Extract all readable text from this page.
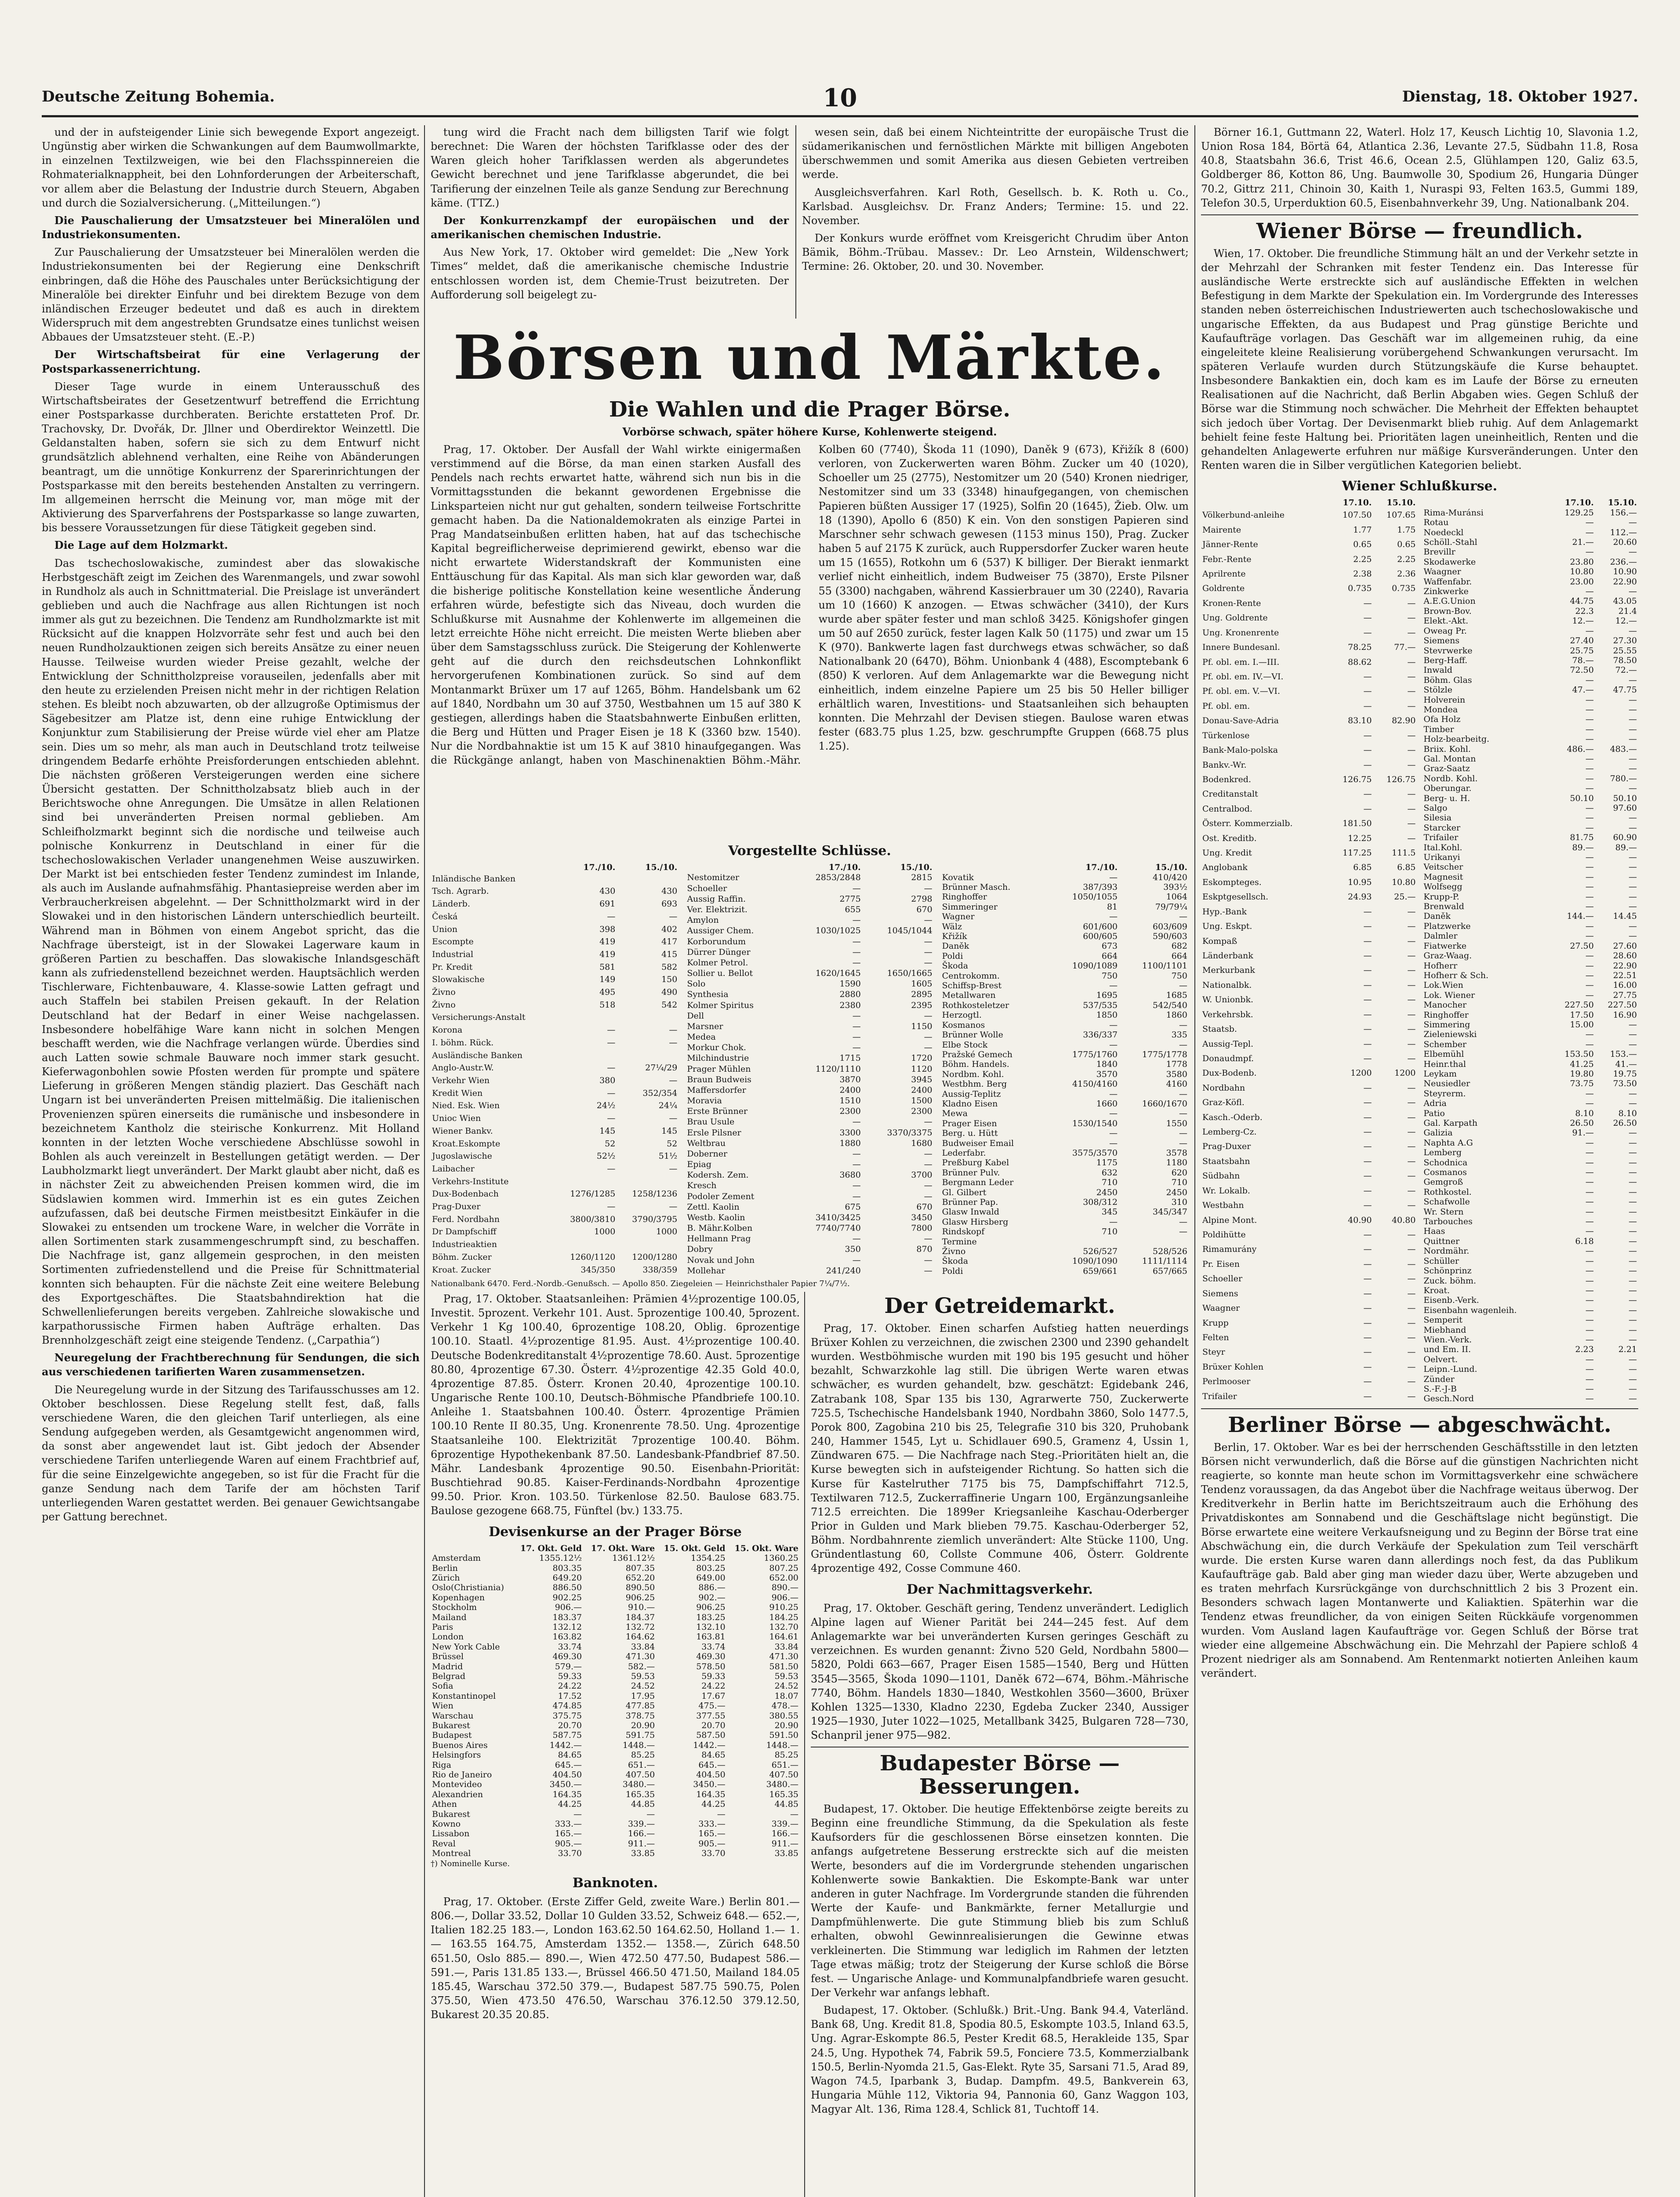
Deutsche Zeitung Bohemia.	10	Dienstag, 18. Oktober 1927.

und der in aufsteigender Linie sich bewegende Export angezeigt. Ungünstig aber wirken die Schwankungen auf dem Baumwollmarkte, in einzelnen Textilzweigen, wie bei den Flachsspinnereien die Rohmaterialknappheit, bei den Lohnforderungen der Arbeiterschaft, vor allem aber die Belastung der Industrie durch Steuern, Abgaben und durch die Sozialversicherung. („Mitteilungen.“)

Die Pauschalierung der Umsatzsteuer bei Mineralölen und Industriekonsumenten.

Zur Pauschalierung der Umsatzsteuer bei Mineralölen werden die Industriekonsumenten bei der Regierung eine Denkschrift einbringen, daß die Höhe des Pauschales unter Berücksichtigung der Mineralöle bei direkter Einfuhr und bei direktem Bezuge von dem inländischen Erzeuger bedeutet und daß es auch in direktem Widerspruch mit dem angestrebten Grundsatze eines tunlichst weisen Abbaues der Umsatzsteuer steht. (E.-P.)

Der Wirtschaftsbeirat für eine Verlagerung der Postsparkassenerrichtung.

Dieser Tage wurde in einem Unterausschuß des Wirtschaftsbeirates der Gesetzentwurf betreffend die Errichtung einer Postsparkasse durchberaten. Berichte erstatteten Prof. Dr. Trachovsky, Dr. Dvořák, Dr. Jllner und Oberdirektor Weinzettl. Die Geldanstalten haben, sofern sie sich zu dem Entwurf nicht grundsätzlich ablehnend verhalten, eine Reihe von Abänderungen beantragt, um die unnötige Konkurrenz der Sparerinrichtungen der Postsparkasse mit den bereits bestehenden Anstalten zu verringern. Im allgemeinen herrscht die Meinung vor, man möge mit der Aktivierung des Sparverfahrens der Postsparkasse so lange zuwarten, bis bessere Voraussetzungen für diese Tätigkeit gegeben sind.

Die Lage auf dem Holzmarkt.

Das tschechoslowakische, zumindest aber das slowakische Herbstgeschäft zeigt im Zeichen des Warenmangels, und zwar sowohl in Rundholz als auch in Schnittmaterial. Die Preislage ist unverändert geblieben und auch die Nachfrage aus allen Richtungen ist noch immer als gut zu bezeichnen. Die Tendenz am Rundholzmarkte ist mit Rücksicht auf die knappen Holzvorräte sehr fest und auch bei den neuen Rundholzauktionen zeigen sich bereits Ansätze zu einer neuen Hausse. Teilweise wurden wieder Preise gezahlt, welche der Entwicklung der Schnittholzpreise vorauseilen, jedenfalls aber mit den heute zu erzielenden Preisen nicht mehr in der richtigen Relation stehen. Es bleibt noch abzuwarten, ob der allzugroße Optimismus der Sägebesitzer am Platze ist, denn eine ruhige Entwicklung der Konjunktur zum Stabilisierung der Preise würde viel eher am Platze sein. Dies um so mehr, als man auch in Deutschland trotz teilweise dringendem Bedarfe erhöhte Preisforderungen entschieden ablehnt. Die nächsten größeren Versteigerungen werden eine sichere Übersicht gestatten. Der Schnittholzabsatz blieb auch in der Berichtswoche ohne Anregungen. Die Umsätze in allen Relationen sind bei unveränderten Preisen normal geblieben. Am Schleifholzmarkt beginnt sich die nordische und teilweise auch polnische Konkurrenz in Deutschland in einer für die tschechoslowakischen Verlader unangenehmen Weise auszuwirken. Der Markt ist bei entschieden fester Tendenz zumindest im Inlande, als auch im Auslande aufnahmsfähig. Phantasiepreise werden aber im Verbraucherkreisen abgelehnt. — Der Schnittholzmarkt wird in der Slowakei und in den historischen Ländern unterschiedlich beurteilt. Während man in Böhmen von einem Angebot spricht, das die Nachfrage übersteigt, ist in der Slowakei Lagerware kaum in größeren Partien zu beschaffen. Das slowakische Inlandsgeschäft kann als zufriedenstellend bezeichnet werden. Hauptsächlich werden Tischlerware, Fichtenbauware, 4. Klasse-sowie Latten gefragt und auch Staffeln bei stabilen Preisen gekauft. In der Relation Deutschland hat der Bedarf in einer Weise nachgelassen. Insbesondere hobelfähige Ware kann nicht in solchen Mengen beschafft werden, wie die Nachfrage verlangen würde. Überdies sind auch Latten sowie schmale Bauware noch immer stark gesucht. Kieferwagonbohlen sowie Pfosten werden für prompte und spätere Lieferung in größeren Mengen ständig plaziert. Das Geschäft nach Ungarn ist bei unveränderten Preisen mittelmäßig. Die italienischen Provenienzen spüren einerseits die rumänische und insbesondere in bezeichnetem Kantholz die steirische Konkurrenz. Mit Holland konnten in der letzten Woche verschiedene Abschlüsse sowohl in Bohlen als auch vereinzelt in Bestellungen getätigt werden. — Der Laubholzmarkt liegt unverändert. Der Markt glaubt aber nicht, daß es in nächster Zeit zu abweichenden Preisen kommen wird, die im Südslawien kommen wird. Immerhin ist es ein gutes Zeichen aufzufassen, daß bei deutsche Firmen meistbesitzt Einkäufer in die Slowakei zu entsenden um trockene Ware, in welcher die Vorräte in allen Sortimenten stark zusammengeschrumpft sind, zu beschaffen. Die Nachfrage ist, ganz allgemein gesprochen, in den meisten Sortimenten zufriedenstellend und die Preise für Schnittmaterial konnten sich behaupten. Für die nächste Zeit eine weitere Belebung des Exportgeschäftes. Die Staatsbahndirektion hat die Schwellenlieferungen bereits vergeben. Zahlreiche slowakische und karpathorussische Firmen haben Aufträge erhalten. Das Brennholzgeschäft zeigt eine steigende Tendenz. („Carpathia“)

Neuregelung der Frachtberechnung für Sendungen, die sich aus verschiedenen tarifierten Waren zusammensetzen.

Die Neuregelung wurde in der Sitzung des Tarifausschusses am 12. Oktober beschlossen. Diese Regelung stellt fest, daß, falls verschiedene Waren, die den gleichen Tarif unterliegen, als eine Sendung aufgegeben werden, als Gesamtgewicht angenommen wird, da sonst aber angewendet laut ist. Gibt jedoch der Absender verschiedene Tarifen unterliegende Waren auf einem Frachtbrief auf, für die seine Einzelgewichte angegeben, so ist für die Fracht für die ganze Sendung nach dem Tarife der am höchsten Tarif unterliegenden Waren gestattet werden. Bei genauer Gewichtsangabe per Gattung berechnet.

tung wird die Fracht nach dem billigsten Tarif wie folgt berechnet: Die Waren der höchsten Tarifklasse oder des der Waren gleich hoher Tarifklassen werden als abgerundetes Gewicht berechnet und jene Tarifklasse abgerundet, die bei Tarifierung der einzelnen Teile als ganze Sendung zur Berechnung käme. (TTZ.)

Der Konkurrenzkampf der europäischen und der amerikanischen chemischen Industrie.

Aus New York, 17. Oktober wird gemeldet: Die „New York Times“ meldet, daß die amerikanische chemische Industrie entschlossen worden ist, dem Chemie-Trust beizutreten. Der Aufforderung soll beigelegt zu-

wesen sein, daß bei einem Nichteintritte der europäische Trust die südamerikanischen und fernöstlichen Märkte mit billigen Angeboten überschwemmen und somit Amerika aus diesen Gebieten vertreiben werde.

Ausgleichsverfahren. Karl Roth, Gesellsch. b. K. Roth u. Co., Karlsbad. Ausgleichsv. Dr. Franz Anders; Termine: 15. und 22. November.

Der Konkurs wurde eröffnet vom Kreisgericht Chrudim über Anton Bämik, Böhm.-Trübau. Massev.: Dr. Leo Arnstein, Wildenschwert; Termine: 26. Oktober, 20. und 30. November.

Börsen und Märkte.
Die Wahlen und die Prager Börse.
Vorbörse schwach, später höhere Kurse, Kohlenwerte steigend.

Prag, 17. Oktober. Der Ausfall der Wahl wirkte einigermaßen verstimmend auf die Börse, da man einen starken Ausfall des Pendels nach rechts erwartet hatte, während sich nun bis in die Vormittagsstunden die bekannt gewordenen Ergebnisse die Linksparteien nicht nur gut gehalten, sondern teilweise Fortschritte gemacht haben. Da die Nationaldemokraten als einzige Partei in Prag Mandatseinbußen erlitten haben, hat auf das tschechische Kapital begreiflicherweise deprimierend gewirkt, ebenso war die nicht erwartete Widerstandskraft der Kommunisten eine Enttäuschung für das Kapital. Als man sich klar geworden war, daß die bisherige politische Konstellation keine wesentliche Änderung erfahren würde, befestigte sich das Niveau, doch wurden die Schlußkurse mit Ausnahme der Kohlenwerte im allgemeinen die letzt erreichte Höhe nicht erreicht. Die meisten Werte blieben aber über dem Samstagsschluss zurück. Die Steigerung der Kohlenwerte geht auf die durch den reichsdeutschen Lohnkonflikt hervorgerufenen Kombinationen zurück. So sind auf dem Montanmarkt Brüxer um 17 auf 1265, Böhm. Handelsbank um 62 auf 1840, Nordbahn um 30 auf 3750, Westbahnen um 15 auf 380 K gestiegen, allerdings haben die Staatsbahnwerte Einbußen erlitten, die Berg und Hütten und Prager Eisen je 18 K (3360 bzw. 1540). Nur die Nordbahnaktie ist um 15 K auf 3810 hinaufgegangen. Was die Rückgänge anlangt, haben von Maschinenaktien Böhm.-Mähr. Kolben 60 (7740), Škoda 11 (1090), Daněk 9 (673), Křižík 8 (600) verloren, von Zuckerwerten waren Böhm. Zucker um 40 (1020), Schoeller um 25 (2775), Nestomitzer um 20 (540) Kronen niedriger, Nestomitzer sind um 33 (3348) hinaufgegangen, von chemischen Papieren büßten Aussiger 17 (1925), Solfin 20 (1645), Žieb. Olw. um 18 (1390), Apollo 6 (850) K ein. Von den sonstigen Papieren sind Marschner sehr schwach gewesen (1153 minus 150), Prag. Zucker haben 5 auf 2175 K zurück, auch Ruppersdorfer Zucker waren heute um 15 (1655), Rotkohn um 6 (537) K billiger. Der Bierakt ienmarkt verlief nicht einheitlich, indem Budweiser 75 (3870), Erste Pilsner 55 (3300) nachgaben, während Kassierbrauer um 30 (2240), Ravaria um 10 (1660) K anzogen. — Etwas schwächer (3410), der Kurs wurde aber später fester und man schloß 3425. Königshofer gingen um 50 auf 2650 zurück, fester lagen Kalk 50 (1175) und zwar um 15 K (970). Bankwerte lagen fast durchwegs etwas schwächer, so daß Nationalbank 20 (6470), Böhm. Unionbank 4 (488), Escomptebank 6 (850) K verloren. Auf dem Anlagemarkte war die Bewegung nicht einheitlich, indem einzelne Papiere um 25 bis 50 Heller billiger erhältlich waren, Investitions- und Staatsanleihen sich behaupten konnten. Die Mehrzahl der Devisen stiegen. Baulose waren etwas fester (683.75 plus 1.25, bzw. geschrumpfte Gruppen (668.75 plus 1.25).

Vorgestellte Schlüsse.
	17./10.	15./10.
Inländische Banken		
Tsch. Agrarb.	430	430
Länderb.	691	693
Česká	—	—
Union	398	402
Escompte	419	417
Industrial	419	415
Pr. Kredit	581	582
Slowakische	149	150
Živno	495	490
Živno	518	542
Versicherungs-Anstalt		
Korona	—	—
I. böhm. Rück.	—	—
Ausländische Banken		
Anglo-Austr.W.	—	27¼/29
Verkehr Wien	380	—
Kredit Wien	—	352/354
Nied. Esk. Wien	24½	24¼
Unioc Wien	—	—
Wiener Bankv.	145	145
Kroat.Eskompte	52	52
Jugoslawische	52½	51½
Laibacher	—	—
Verkehrs-Institute		
Dux-Bodenbach	1276/1285	1258/1236
Prag-Duxer	—	—
Ferd. Nordbahn	3800/3810	3790/3795
Dr Dampfschiff	1000	1000
Industrieaktien		
Böhm. Zucker	1260/1120	1200/1280
Kroat. Zucker	345/350	338/359
	17./10.	15./10.
Nestomitzer	2853/2848	2815
Schoeller	—	—
Aussig Raffin.	2775	2798
Ver. Elektrizit.	655	670
Amylon	—	—
Aussiger Chem.	1030/1025	1045/1044
Korborundum	—	—
Dürrer Dünger	—	—
Kolmer Petrol.	—	—
Sollier u. Bellot	1620/1645	1650/1665
Solo	1590	1605
Synthesia	2880	2895
Kolmer Spiritus	2380	2395
Dell	—	—
Marsner	—	1150
Medea	—	—
Morkur Chok.	—	—
Milchindustrie	1715	1720
Prager Mühlen	1120/1110	1120
Braun Budweis	3870	3945
Maffersdorfer	2400	2400
Moravia	1510	1500
Erste Brünner	2300	2300
Brau Usule	—	—
Ersle Pilsner	3300	3370/3375
Weltbrau	1880	1680
Doberner	—	—
Epiag	—	—
Kodersh. Zem.	3680	3700
Kresch	—	—
Podoler Zement	—	—
Zettl. Kaolin	675	670
Westb. Kaolin	3410/3425	3450
B. Mähr.Kolben	7740/7740	7800
Hellmann Prag	—	—
Dobry	350	870
Novak und John	—	—
Mollehar	241/240	—
	17./10.	15./10.
Kovatik	—	410/420
Brünner Masch.	387/393	393½
Ringhoffer	1050/1055	1064
Simmeringer	81	79/79¼
Wagner	—	—
Wälz	601/600	603/609
Křižík	600/605	590/603
Daněk	673	682
Poldi	664	664
Škoda	1090/1089	1100/1101
Centrokomm.	750	750
Schiffsp-Brest	—	—
Metallwaren	1695	1685
Rothkosteletzer	537/535	542/540
Herzogtl.	1850	1860
Kosmanos	—	—
Brünner Wolle	336/337	335
Elbe Stock	—	—
Pražské Gemech	1775/1760	1775/1778
Böhm. Handels.	1840	1778
Nordbm. Kohl.	3570	3580
Westbhm. Berg	4150/4160	4160
Aussig-Teplitz	—	—
Kladno Eisen	1660	1660/1670
Mewa	—	—
Prager Eisen	1530/1540	1550
Berg. u. Hütt	—	—
Budweiser Email	—	—
Lederfabr.	3575/3570	3578
Preßburg Kabel	1175	1180
Brünner Pulv.	632	620
Bergmann Leder	710	710
Gl. Gilbert	2450	2450
Brünner Pap.	308/312	310
Glasw Inwald	345	345/347
Glasw Hirsberg	—	—
Rindskopf	710	—
Termine		
Živno	526/527	528/526
Škoda	1090/1090	1111/1114
Poldi	659/661	657/665
Nationalbank 6470. Ferd.-Nordb.-Genußsch. — Apollo 850. Ziegeleien — Heinrichsthaler Papier 7¼/7½.

Prag, 17. Oktober. Staatsanleihen: Prämien 4½prozentige 100.05, Investit. 5prozent. Verkehr 101. Aust. 5prozentige 100.40, 5prozent. Verkehr 1 Kg 100.40, 6prozentige 108.20, Oblig. 6prozentige 100.10. Staatl. 4½prozentige 81.95. Aust. 4½prozentige 100.40. Deutsche Bodenkreditanstalt 4½prozentige 78.60. Aust. 5prozentige 80.80, 4prozentige 67.30. Österr. 4½prozentige 42.35 Gold 40.0, 4prozentige 87.85. Österr. Kronen 20.40, 4prozentige 100.10. Ungarische Rente 100.10, Deutsch-Böhmische Pfandbriefe 100.10. Anleihe 1. Staatsbahnen 100.40. Österr. 4prozentige Prämien 100.10 Rente II 80.35, Ung. Kronenrente 78.50. Ung. 4prozentige Staatsanleihe 100. Elektrizität 7prozentige 100.40. Böhm. 6prozentige Hypothekenbank 87.50. Landesbank-Pfandbrief 87.50. Mähr. Landesbank 4prozentige 90.50. Eisenbahn-Priorität: Buschtiehrad 90.85. Kaiser-Ferdinands-Nordbahn 4prozentige 99.50. Prior. Kron. 103.50. Türkenlose 82.50. Baulose 683.75. Baulose gezogene 668.75, Fünftel (bv.) 133.75.

Devisenkurse an der Prager Börse
	17. Okt. Geld	17. Okt. Ware	15. Okt. Geld	15. Okt. Ware
Amsterdam	1355.12½	1361.12½	1354.25	1360.25
Berlin	803.35	807.35	803.25	807.25
Zürich	649.20	652.20	649.00	652.00
Oslo(Christiania)	886.50	890.50	886.—	890.—
Kopenhagen	902.25	906.25	902.—	906.—
Stockholm	906.—	910.—	906.25	910.25
Mailand	183.37	184.37	183.25	184.25
Paris	132.12	132.72	132.10	132.70
London	163.82	164.62	163.81	164.61
New York Cable	33.74	33.84	33.74	33.84
Brüssel	469.30	471.30	469.30	471.30
Madrid	579.—	582.—	578.50	581.50
Belgrad	59.33	59.53	59.33	59.53
Sofia	24.22	24.52	24.22	24.52
Konstantinopel	17.52	17.95	17.67	18.07
Wien	474.85	477.85	475.—	478.—
Warschau	375.75	378.75	377.55	380.55
Bukarest	20.70	20.90	20.70	20.90
Budapest	587.75	591.75	587.50	591.50
Buenos Aires	1442.—	1448.—	1442.—	1448.—
Helsingfors	84.65	85.25	84.65	85.25
Riga	645.—	651.—	645.—	651.—
Rio de Janeiro	404.50	407.50	404.50	407.50
Montevideo	3450.—	3480.—	3450.—	3480.—
Alexandrien	164.35	165.35	164.35	165.35
Athen	44.25	44.85	44.25	44.85
Bukarest	—	—	—	—
Kowno	333.—	339.—	333.—	339.—
Lissabon	165.—	166.—	165.—	166.—
Reval	905.—	911.—	905.—	911.—
Montreal	33.70	33.85	33.70	33.85
†) Nominelle Kurse.
Banknoten.

Prag, 17. Oktober. (Erste Ziffer Geld, zweite Ware.) Berlin 801.— 806.—, Dollar 33.52, Dollar 10 Gulden 33.52, Schweiz 648.— 652.—, Italien 182.25 183.—, London 163.62.50 164.62.50, Holland 1.— 1.— 163.55 164.75, Amsterdam 1352.— 1358.—, Zürich 648.50 651.50, Oslo 885.— 890.—, Wien 472.50 477.50, Budapest 586.— 591.—, Paris 131.85 133.—, Brüssel 466.50 471.50, Mailand 184.05 185.45, Warschau 372.50 379.—, Budapest 587.75 590.75, Polen 375.50, Wien 473.50 476.50, Warschau 376.12.50 379.12.50, Bukarest 20.35 20.85.

Der Getreidemarkt.

Prag, 17. Oktober. Einen scharfen Aufstieg hatten neuerdings Brüxer Kohlen zu verzeichnen, die zwischen 2300 und 2390 gehandelt wurden. Westböhmische wurden mit 190 bis 195 gesucht und höher bezahlt, Schwarzkohle lag still. Die übrigen Werte waren etwas schwächer, es wurden gehandelt, bzw. geschätzt: Egidebank 246, Zatrabank 108, Spar 135 bis 130, Agrarwerte 750, Zuckerwerte 725.5, Tschechische Handelsbank 1940, Nordbahn 3860, Solo 1477.5, Porok 800, Zagobina 210 bis 25, Telegrafie 310 bis 320, Pruhobank 240, Hammer 1545, Lyt u. Schidlauer 690.5, Gramenz 4, Ussin 1, Zündwaren 675. — Die Nachfrage nach Steg.-Prioritäten hielt an, die Kurse bewegten sich in aufsteigender Richtung. So hatten sich die Kurse für Kastelruther 7175 bis 75, Dampfschiffahrt 712.5, Textilwaren 712.5, Zuckerraffinerie Ungarn 100, Ergänzungsanleihe 712.5 erreichten. Die 1899er Kriegsanleihe Kaschau-Oderberger Prior in Gulden und Mark blieben 79.75. Kaschau-Oderberger 52, Böhm. Nordbahnrente ziemlich unverändert: Alte Stücke 1100, Ung. Gründentlastung 60, Collste Commune 406, Österr. Goldrente 4prozentige 492, Cosse Commune 460.

Der Nachmittagsverkehr.

Prag, 17. Oktober. Geschäft gering, Tendenz unverändert. Lediglich Alpine lagen auf Wiener Parität bei 244—245 fest. Auf dem Anlagemarkte war bei unveränderten Kursen geringes Geschäft zu verzeichnen. Es wurden genannt: Živno 520 Geld, Nordbahn 5800—5820, Poldi 663—667, Prager Eisen 1585—1540, Berg und Hütten 3545—3565, Škoda 1090—1101, Daněk 672—674, Böhm.-Mährische 7740, Böhm. Handels 1830—1840, Westkohlen 3560—3600, Brüxer Kohlen 1325—1330, Kladno 2230, Egdeba Zucker 2340, Aussiger 1925—1930, Juter 1022—1025, Metallbank 3425, Bulgaren 728—730, Schanpril jener 975—982.

Budapester Börse — Besserungen.

Budapest, 17. Oktober. Die heutige Effektenbörse zeigte bereits zu Beginn eine freundliche Stimmung, da die Spekulation als feste Kaufsorders für die geschlossenen Börse einsetzen konnten. Die anfangs aufgetretene Besserung erstreckte sich auf die meisten Werte, besonders auf die im Vordergrunde stehenden ungarischen Kohlenwerte sowie Bankaktien. Die Eskompte-Bank war unter anderen in guter Nachfrage. Im Vordergrunde standen die führenden Werte der Kaufe- und Bankmärkte, ferner Metallurgie und Dampfmühlenwerte. Die gute Stimmung blieb bis zum Schluß erhalten, obwohl Gewinnrealisierungen die Gewinne etwas verkleinerten. Die Stimmung war lediglich im Rahmen der letzten Tage etwas mäßig; trotz der Steigerung der Kurse schloß die Börse fest. — Ungarische Anlage- und Kommunalpfandbriefe waren gesucht. Der Verkehr war anfangs lebhaft.

Budapest, 17. Oktober. (Schlußk.) Brit.-Ung. Bank 94.4, Vaterländ. Bank 68, Ung. Kredit 81.8, Spodia 80.5, Eskompte 103.5, Inland 63.5, Ung. Agrar-Eskompte 86.5, Pester Kredit 68.5, Herakleide 135, Spar 24.5, Ung. Hypothek 74, Fabrik 59.5, Fonciere 73.5, Kommerzialbank 150.5, Berlin-Nyomda 21.5, Gas-Elekt. Ryte 35, Sarsani 71.5, Arad 89, Wagon 74.5, Iparbank 3, Budap. Dampfm. 49.5, Bankverein 63, Hungaria Mühle 112, Viktoria 94, Pannonia 60, Ganz Waggon 103, Magyar Alt. 136, Rima 128.4, Schlick 81, Tuchtoff 14.

Börner 16.1, Guttmann 22, Waterl. Holz 17, Keusch Lichtig 10, Slavonia 1.2, Union Rosa 184, Börtä 64, Atlantica 2.36, Levante 27.5, Südbahn 11.8, Rosa 40.8, Staatsbahn 36.6, Trist 46.6, Ocean 2.5, Glühlampen 120, Galiz 63.5, Goldberger 86, Kotton 86, Ung. Baumwolle 30, Spodium 26, Hungaria Dünger 70.2, Gittrz 211, Chinoin 30, Kaith 1, Nuraspi 93, Felten 163.5, Gummi 189, Telefon 30.5, Urperduktion 60.5, Eisenbahnverkehr 39, Ung. Nationalbank 204.

Wiener Börse — freundlich.

Wien, 17. Oktober. Die freundliche Stimmung hält an und der Verkehr setzte in der Mehrzahl der Schranken mit fester Tendenz ein. Das Interesse für ausländische Werte erstreckte sich auf ausländische Effekten in welchen Befestigung in dem Markte der Spekulation ein. Im Vordergrunde des Interesses standen neben österreichischen Industriewerten auch tschechoslowakische und ungarische Effekten, da aus Budapest und Prag günstige Berichte und Kaufaufträge vorlagen. Das Geschäft war im allgemeinen ruhig, da eine eingeleitete kleine Realisierung vorübergehend Schwankungen verursacht. Im späteren Verlaufe wurden durch Stützungskäufe die Kurse behauptet. Insbesondere Bankaktien ein, doch kam es im Laufe der Börse zu erneuten Realisationen auf die Nachricht, daß Berlin Abgaben wies. Gegen Schluß der Börse war die Stimmung noch schwächer. Die Mehrheit der Effekten behauptet sich jedoch über Vortag. Der Devisenmarkt blieb ruhig. Auf dem Anlagemarkt behielt feine feste Haltung bei. Prioritäten lagen uneinheitlich, Renten und die gehandelten Anlagewerte erfuhren nur mäßige Kursveränderungen. Unter den Renten waren die in Silber vergütlichen Kategorien beliebt.

Wiener Schlußkurse.
	17.10.	15.10.
Völkerbund-anleihe	107.50	107.65
Mairente	1.77	1.75
Jänner-Rente	0.65	0.65
Febr.-Rente	2.25	2.25
Aprilrente	2.38	2.36
Goldrente	0.735	0.735
Kronen-Rente	—	—
Ung. Goldrente	—	—
Ung. Kronenrente	—	—
Innere Bundesanl.	78.25	77.—
Pf. obl. em. I.—III.	88.62	—
Pf. obl. em. IV.—VI.	—	—
Pf. obl. em. V.—VI.	—	—
Pf. obl. em.	—	—
Donau-Save-Adria	83.10	82.90
Türkenlose	—	—
Bank-Malo-polska	—	—
Bankv.-Wr.	—	—
Bodenkred.	126.75	126.75
Creditanstalt	—	—
Centralbod.	—	—
Österr. Kommerzialb.	181.50	—
Ost. Kreditb.	12.25	—
Ung. Kredit	117.25	111.5
Anglobank	6.85	6.85
Eskompteges.	10.95	10.80
Eskptgesellsch.	24.93	25.—
Hyp.-Bank	—	—
Ung. Eskpt.	—	—
Kompaß	—	—
Länderbank	—	—
Merkurbank	—	—
Nationalbk.	—	—
W. Unionbk.	—	—
Verkehrsbk.	—	—
Staatsb.	—	—
Aussig-Tepl.	—	—
Donaudmpf.	—	—
Dux-Bodenb.	1200	1200
Nordbahn	—	—
Graz-Köfl.	—	—
Kasch.-Oderb.	—	—
Lemberg-Cz.	—	—
Prag-Duxer	—	—
Staatsbahn	—	—
Südbahn	—	—
Wr. Lokalb.	—	—
Westbahn	—	—
Alpine Mont.	40.90	40.80
Poldihütte	—	—
Rimamurány	—	—
Pr. Eisen	—	—
Schoeller	—	—
Siemens	—	—
Waagner	—	—
Krupp	—	—
Felten	—	—
Steyr	—	—
Brüxer Kohlen	—	—
Perlmooser	—	—
Trifailer	—	—
	17.10.	15.10.
Rima-Muránsi	129.25	156.—
Rotau	—	—
Noedeckl	—	112.—
Schöll.-Stahl	21.—	20.60
Brevillr	—	—
Skodawerke	23.80	236.—
Waagner	10.80	10.90
Waffenfabr.	23.00	22.90
Zinkwerke	—	—
A.E.G.Union	44.75	43.05
Brown-Bov.	22.3	21.4
Elekt.-Akt.	12.—	12.—
Oweag Pr.	—	—
Siemens	27.40	27.30
Stevrwerke	25.75	25.55
Berg-Haff.	78.—	78.50
Inwald	72.50	72.—
Böhm. Glas	—	—
Stölzle	47.—	47.75
Holverein	—	—
Mondea	—	—
Ofa Holz	—	—
Timber	—	—
Holz-bearbeitg.	—	—
Briix. Kohl.	486.—	483.—
Gal. Montan	—	—
Graz-Saatz	—	—
Nordb. Kohl.	—	780.—
Oberungar.	—	—
Berg- u. H.	50.10	50.10
Salgo	—	97.60
Silesia	—	—
Starcker	—	—
Trifailer	81.75	60.90
Ital.Kohl.	89.—	89.—
Urikanyi	—	—
Veitscher	—	—
Magnesit	—	—
Wolfsegg	—	—
Krupp-P.	—	—
Brenwald	—	—
Daněk	144.—	14.45
Platzwerke	—	—
Dalmler	—	—
Fiatwerke	27.50	27.60
Graz-Waag.	—	28.60
Hofherr	—	22.90
Hofherr & Sch.	—	22.51
Lok.Wien	—	16.00
Lok. Wiener	—	27.75
Manocher	227.50	227.50
Ringhoffer	17.50	16.90
Simmering	15.00	—
Zieleniewski	—	—
Schember	—	—
Elbemühl	153.50	153.—
Heinr.thal	41.25	41.—
Leykam	19.80	19.75
Neusiedler	73.75	73.50
Steyrerm.	—	—
Adria	—	—
Patio	8.10	8.10
Gal. Karpath	26.50	26.50
Galizia	91.—	—
Naphta A.G	—	—
Lemberg	—	—
Schodnica	—	—
Cosmanos	—	—
Gemgroß	—	—
Rothkostel.	—	—
Schafwolle	—	—
Wr. Stern	—	—
Tarbouches	—	—
Haas	—	—
Quittner	6.18	—
Nordmähr.	—	—
Schüller	—	—
Schönprinz	—	—
Zuck. böhm.	—	—
Kroat.	—	—
Eisenb.-Verk.	—	—
Eisenbahn wagenleih.	—	—
Semperit	—	—
Miebhand	—	—
Wien.-Verk.	—	—
und Em. II.	2.23	2.21
Oelvert.	—	—
Leipn.-Lund.	—	—
Zünder	—	—
S.-F.-J-B	—	—
Gesch.Nord	—	—
Berliner Börse — abgeschwächt.

Berlin, 17. Oktober. War es bei der herrschenden Geschäftsstille in den letzten Börsen nicht verwunderlich, daß die Börse auf die günstigen Nachrichten nicht reagierte, so konnte man heute schon im Vormittagsverkehr eine schwächere Tendenz voraussagen, da das Angebot über die Nachfrage weitaus überwog. Der Kreditverkehr in Berlin hatte im Berichtszeitraum auch die Erhöhung des Privatdiskontes am Sonnabend und die Geschäftslage nicht begünstigt. Die Börse erwartete eine weitere Verkaufsneigung und zu Beginn der Börse trat eine Abschwächung ein, die durch Verkäufe der Spekulation zum Teil verschärft wurde. Die ersten Kurse waren dann allerdings noch fest, da das Publikum Kaufaufträge gab. Bald aber ging man wieder dazu über, Werte abzugeben und es traten mehrfach Kursrückgänge von durchschnittlich 2 bis 3 Prozent ein. Besonders schwach lagen Montanwerte und Kaliaktien. Späterhin war die Tendenz etwas freundlicher, da von einigen Seiten Rückkäufe vorgenommen wurden. Vom Ausland lagen Kaufaufträge vor. Gegen Schluß der Börse trat wieder eine allgemeine Abschwächung ein. Die Mehrzahl der Papiere schloß 4 Prozent niedriger als am Sonnabend. Am Rentenmarkt notierten Anleihen kaum verändert.
